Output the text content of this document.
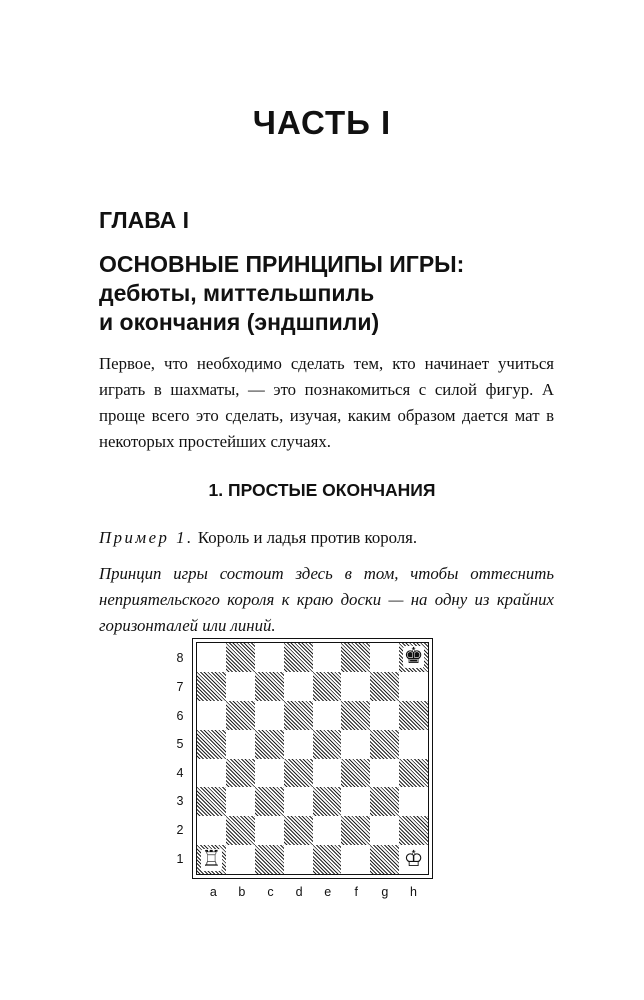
ЧАСТЬ I
ГЛАВА I
ОСНОВНЫЕ ПРИНЦИПЫ ИГРЫ:
дебюты, миттельшпиль
и окончания (эндшпили)

Первое, что необходимо сделать тем, кто начинает учиться играть в шахматы, — это познакомиться с силой фигур. А проще всего это сделать, изучая, каким образом дается мат в некоторых простейших случаях.

1. ПРОСТЫЕ ОКОНЧАНИЯ
Пример 1. Король и ладья против короля.
Принцип игры состоит здесь в том, чтобы оттеснить неприятельского короля к краю доски — на одну из крайних горизонталей или линий.
♚
♖	♔
8
7
6
5
4
3
2
1
a	b	c	d	e	f	g	h
